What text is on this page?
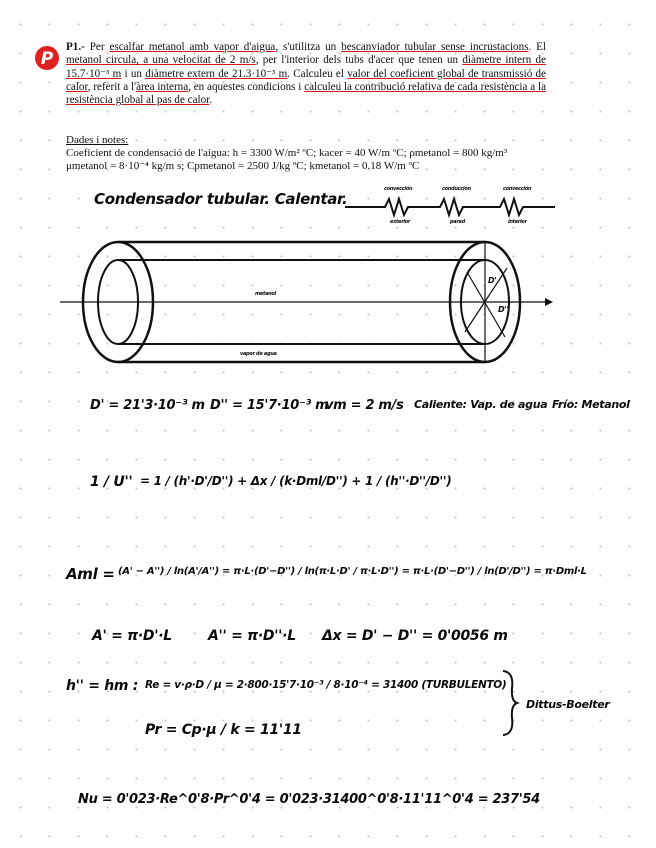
P
P1.- Per escalfar metanol amb vapor d'aigua, s'utilitza un bescanviador tubular sense incrustacions. El metanol circula, a una velocitat de 2 m/s, per l'interior dels tubs d'acer que tenen un diàmetre intern de 15.7·10⁻³ m i un diàmetre extern de 21.3·10⁻³ m. Calculeu el valor del coeficient global de transmissió de calor, referit a l'àrea interna, en aquestes condicions i calculeu la contribució relativa de cada resistència a la resistència global al pas de calor.
Dades i notes:
Coeficient de condensació de l'aigua: h = 3300 W/m² ºC; kacer = 40 W/m ºC; ρmetanol = 800 kg/m³
μmetanol = 8·10⁻⁴ kg/m s; Cpmetanol = 2500 J/kg ºC; kmetanol = 0.18 W/m ºC
Condensador tubular. Calentar.
convección	conducción	convección
exterior	pared	interior
metanol
vapor de agua
D'
D''
D' = 21'3·10⁻³ m D'' = 15'7·10⁻³ m
vm = 2 m/s Caliente: Vap. de agua Frío: Metanol
1 / U'' = 1 / (h'·D'/D'') + Δx / (k·Dml/D'') + 1 / (h''·D''/D'')
Aml = (A' − A'') / ln(A'/A'') = π·L·(D'−D'') / ln(π·L·D' / π·L·D'') = π·L·(D'−D'') / ln(D'/D'') = π·Dml·L
A' = π·D'·L	A'' = π·D''·L Δx = D' − D'' = 0'0056 m
h'' = hm : Re = v·ρ·D / μ = 2·800·15'7·10⁻³ / 8·10⁻⁴ = 31400 (TURBULENTO)
Pr = Cp·μ / k = 11'11
Dittus-Boelter
Nu = 0'023·Re^0'8·Pr^0'4 = 0'023·31400^0'8·11'11^0'4 = 237'54
